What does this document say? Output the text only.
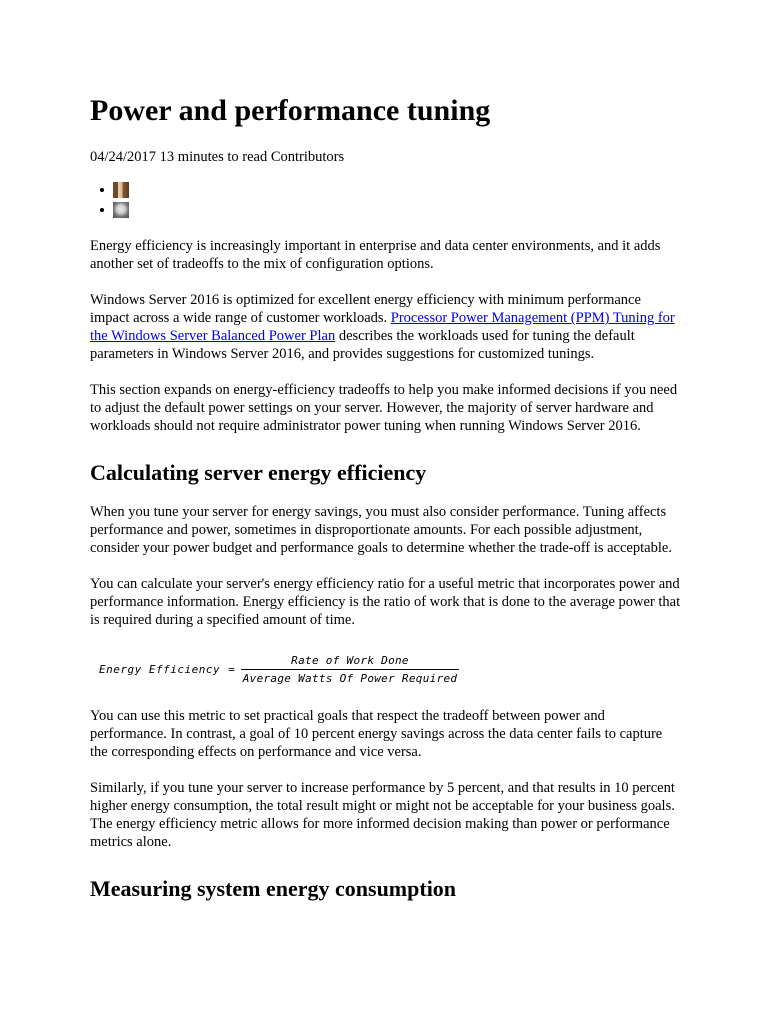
Power and performance tuning
04/24/2017 13 minutes to read Contributors
•
•

Energy efficiency is increasingly important in enterprise and data center environments, and it adds another set of tradeoffs to the mix of configuration options.

Windows Server 2016 is optimized for excellent energy efficiency with minimum performance impact across a wide range of customer workloads. Processor Power Management (PPM) Tuning for the Windows Server Balanced Power Plan describes the workloads used for tuning the default parameters in Windows Server 2016, and provides suggestions for customized tunings.

This section expands on energy-efficiency tradeoffs to help you make informed decisions if you need to adjust the default power settings on your server. However, the majority of server hardware and workloads should not require administrator power tuning when running Windows Server 2016.

Calculating server energy efficiency

When you tune your server for energy savings, you must also consider performance. Tuning affects performance and power, sometimes in disproportionate amounts. For each possible adjustment, consider your power budget and performance goals to determine whether the trade-off is acceptable.

You can calculate your server's energy efficiency ratio for a useful metric that incorporates power and performance information. Energy efficiency is the ratio of work that is done to the average power that is required during a specified amount of time.

Energy Efficiency = $\frac{\text{Rate of Work Done}}{\text{Average Watts Of Power Required}}$

You can use this metric to set practical goals that respect the tradeoff between power and performance. In contrast, a goal of 10 percent energy savings across the data center fails to capture the corresponding effects on performance and vice versa.

Similarly, if you tune your server to increase performance by 5 percent, and that results in 10 percent higher energy consumption, the total result might or might not be acceptable for your business goals. The energy efficiency metric allows for more informed decision making than power or performance metrics alone.

Measuring system energy consumption
